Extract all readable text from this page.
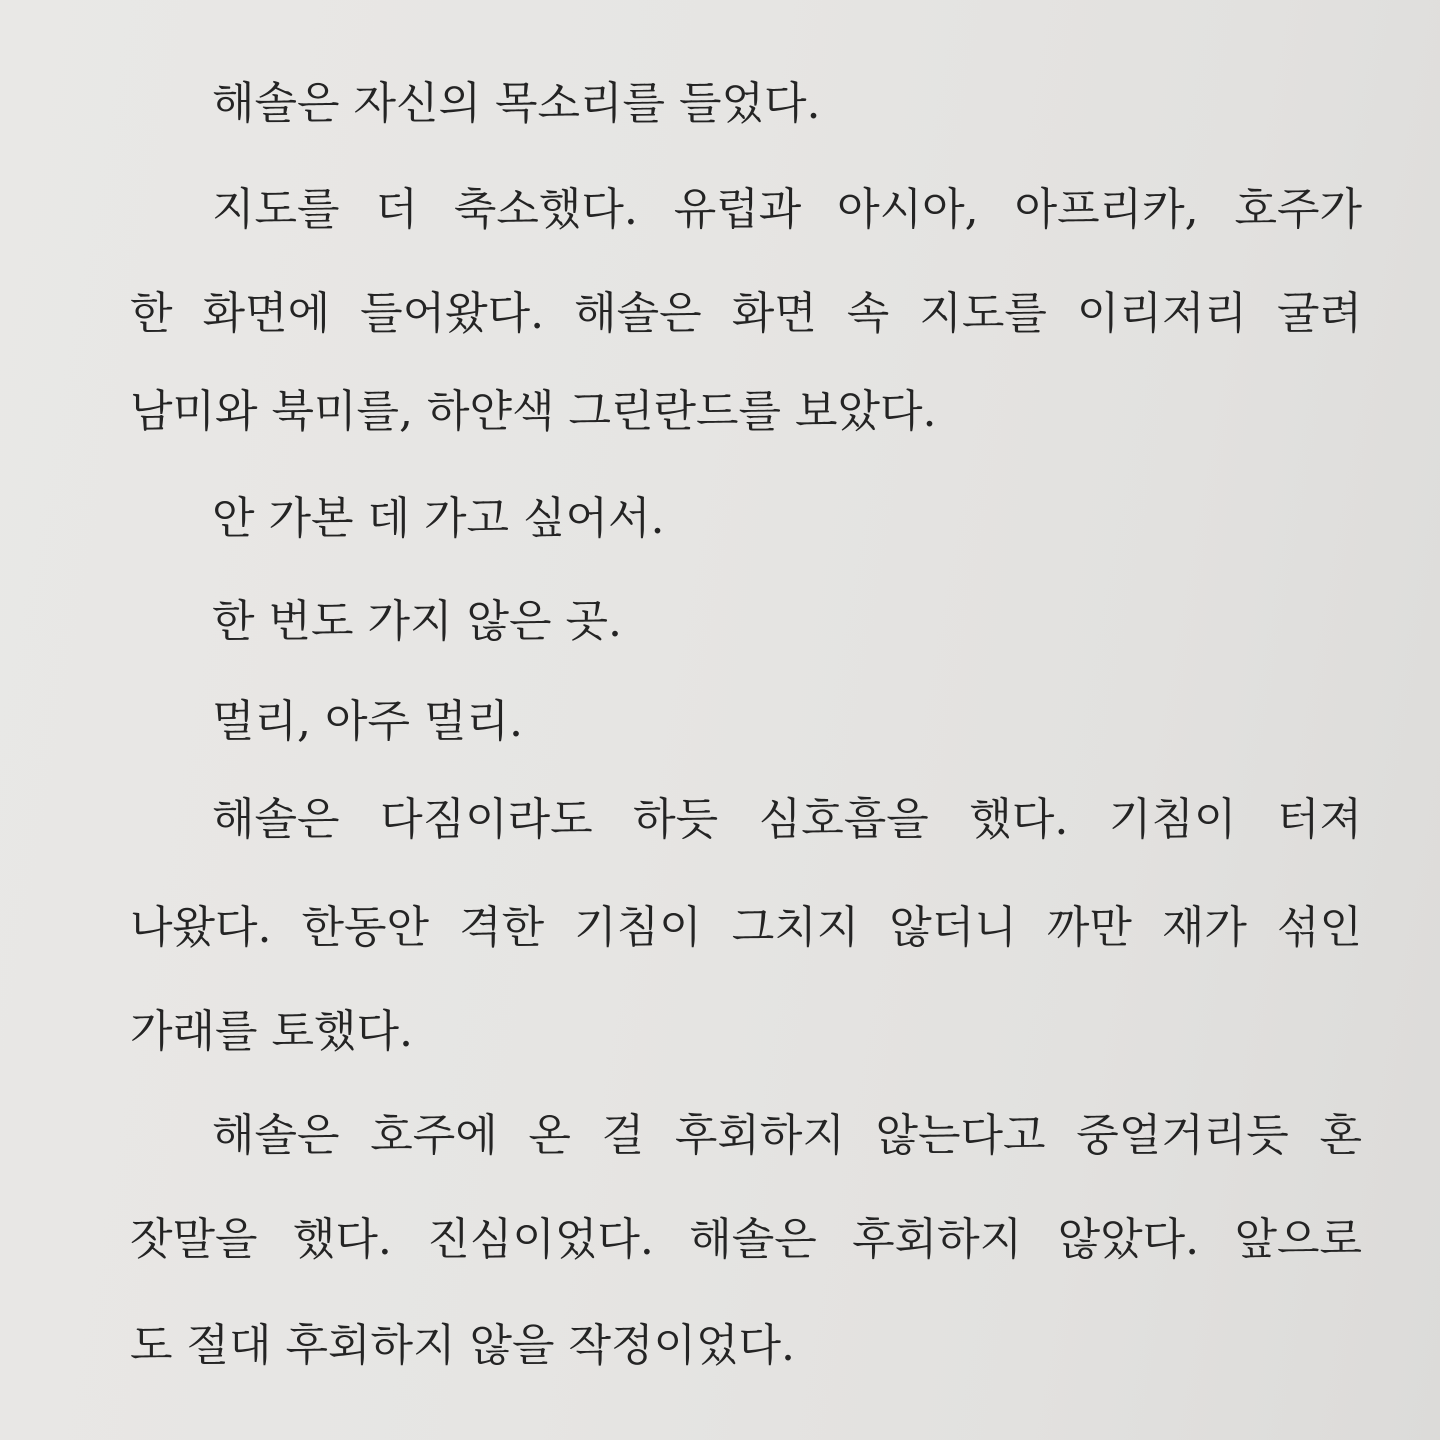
해솔은 자신의 목소리를 들었다.

지도를 더 축소했다. 유럽과 아시아, 아프리카, 호주가

한 화면에 들어왔다. 해솔은 화면 속 지도를 이리저리 굴려

남미와 북미를, 하얀색 그린란드를 보았다.

안 가본 데 가고 싶어서.

한 번도 가지 않은 곳.

멀리, 아주 멀리.

해솔은 다짐이라도 하듯 심호흡을 했다. 기침이 터져

나왔다. 한동안 격한 기침이 그치지 않더니 까만 재가 섞인

가래를 토했다.

해솔은 호주에 온 걸 후회하지 않는다고 중얼거리듯 혼

잣말을 했다. 진심이었다. 해솔은 후회하지 않았다. 앞으로

도 절대 후회하지 않을 작정이었다.
